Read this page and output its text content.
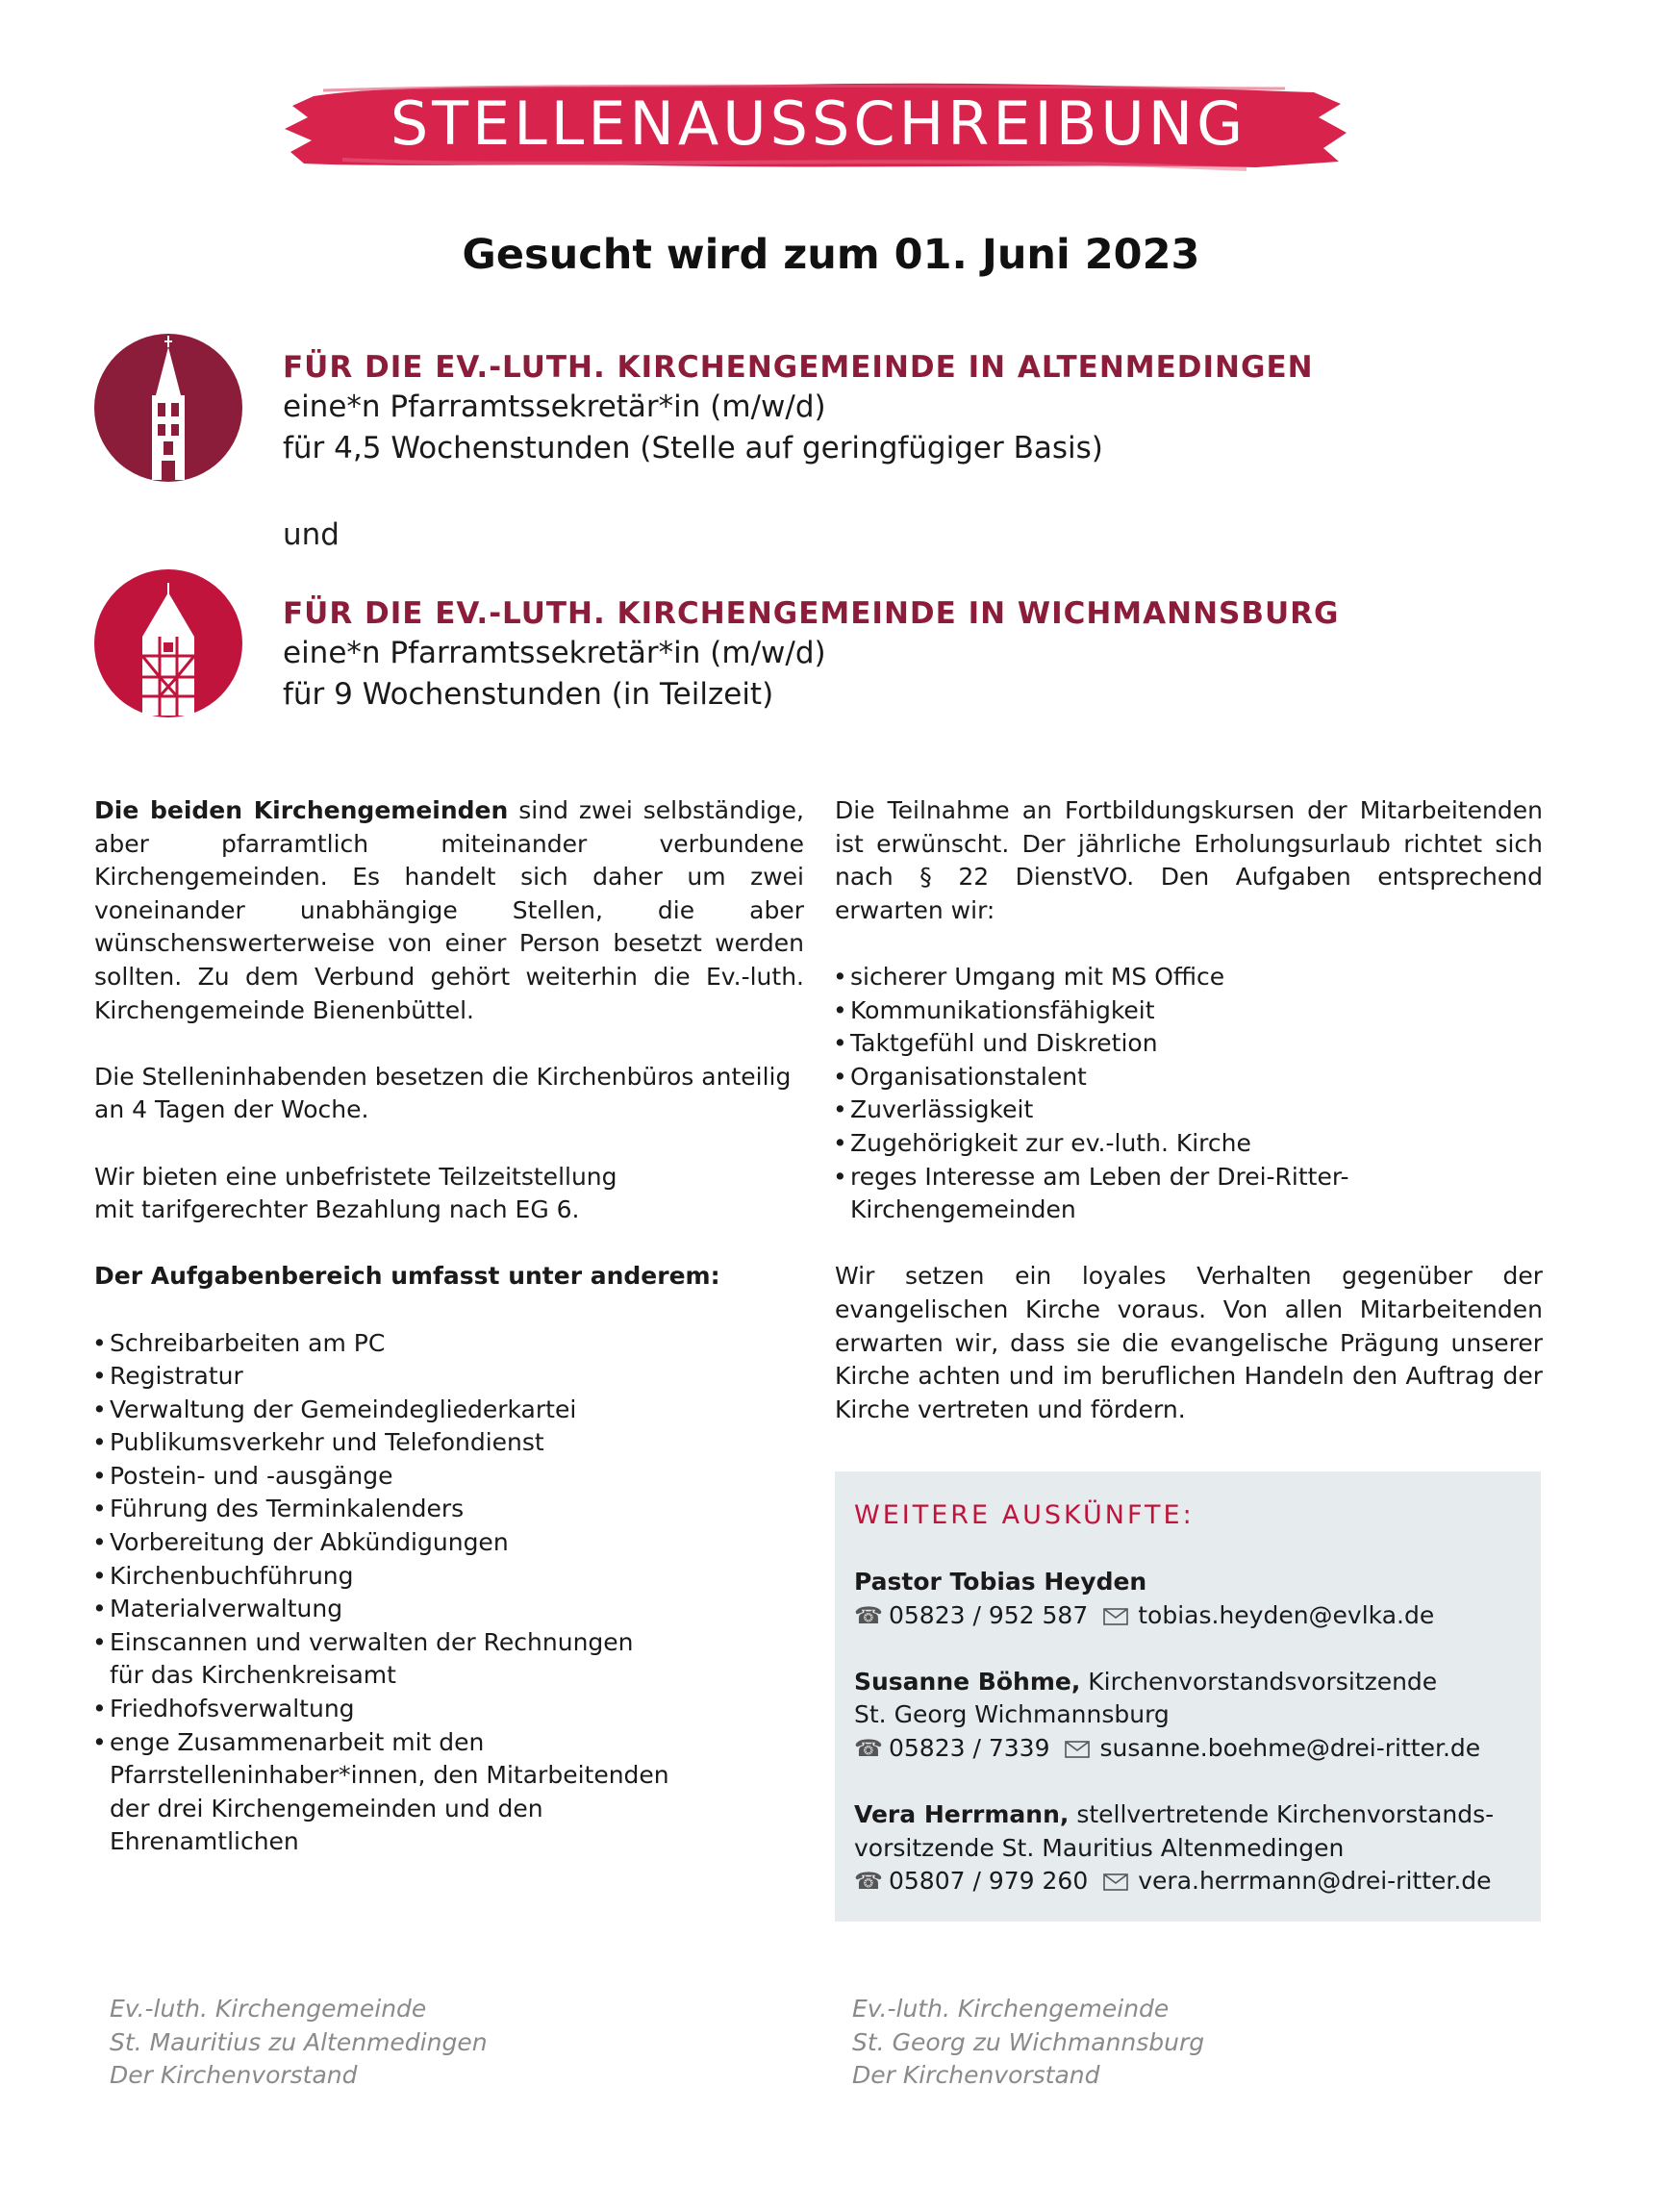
STELLENAUSSCHREIBUNG
Gesucht wird zum 01. Juni 2023
FÜR DIE EV.-LUTH. KIRCHENGEMEINDE IN ALTENMEDINGEN
eine*n Pfarramtssekretär*in (m/w/d)
für 4,5 Wochenstunden (Stelle auf geringfügiger Basis)
und
FÜR DIE EV.-LUTH. KIRCHENGEMEINDE IN WICHMANNSBURG
eine*n Pfarramtssekretär*in (m/w/d)
für 9 Wochenstunden (in Teilzeit)

Die beiden Kirchengemeinden sind zwei selbständige, aber pfarramtlich miteinander verbundene Kirchengemeinden. Es handelt sich daher um zwei voneinander unabhängige Stellen, die aber wünschenswerterweise von einer Person besetzt werden sollten. Zu dem Verbund gehört weiterhin die Ev.-luth. Kirchengemeinde Bienenbüttel.

Die Stelleninhabenden besetzen die Kirchenbüros anteilig an 4 Tagen der Woche.

Wir bieten eine unbefristete Teilzeitstellung
mit tarifgerechter Bezahlung nach EG 6.

Der Aufgabenbereich umfasst unter anderem:

• Schreibarbeiten am PC
• Registratur
• Verwaltung der Gemeindegliederkartei
• Publikumsverkehr und Telefondienst
• Postein- und -ausgänge
• Führung des Terminkalenders
• Vorbereitung der Abkündigungen
• Kirchenbuchführung
• Materialverwaltung
• Einscannen und verwalten der Rechnungen für das Kirchenkreisamt
• Friedhofsverwaltung
• enge Zusammenarbeit mit den Pfarrstelleninhaber*innen, den Mitarbeitenden der drei Kirchengemeinden und den Ehrenamtlichen

Die Teilnahme an Fortbildungskursen der Mitarbeitenden ist erwünscht. Der jährliche Erholungsurlaub richtet sich nach § 22 DienstVO. Den Aufgaben entsprechend erwarten wir:

• sicherer Umgang mit MS Office
• Kommunikationsfähigkeit
• Taktgefühl und Diskretion
• Organisationstalent
• Zuverlässigkeit
• Zugehörigkeit zur ev.-luth. Kirche
• reges Interesse am Leben der Drei-Ritter-Kirchengemeinden

Wir setzen ein loyales Verhalten gegenüber der evangelischen Kirche voraus. Von allen Mitarbeitenden erwarten wir, dass sie die evangelische Prägung unserer Kirche achten und im beruflichen Handeln den Auftrag der Kirche vertreten und fördern.

WEITERE AUSKÜNFTE:
Pastor Tobias Heyden
☎ 05823 / 952 587 tobias.heyden@evlka.de
Susanne Böhme, Kirchenvorstandsvorsitzende
St. Georg Wichmannsburg
☎ 05823 / 7339 susanne.boehme@drei-ritter.de
Vera Herrmann, stellvertretende Kirchenvorstands-
vorsitzende St. Mauritius Altenmedingen
☎ 05807 / 979 260 vera.herrmann@drei-ritter.de
Ev.-luth. Kirchengemeinde
St. Mauritius zu Altenmedingen
Der Kirchenvorstand
Ev.-luth. Kirchengemeinde
St. Georg zu Wichmannsburg
Der Kirchenvorstand
